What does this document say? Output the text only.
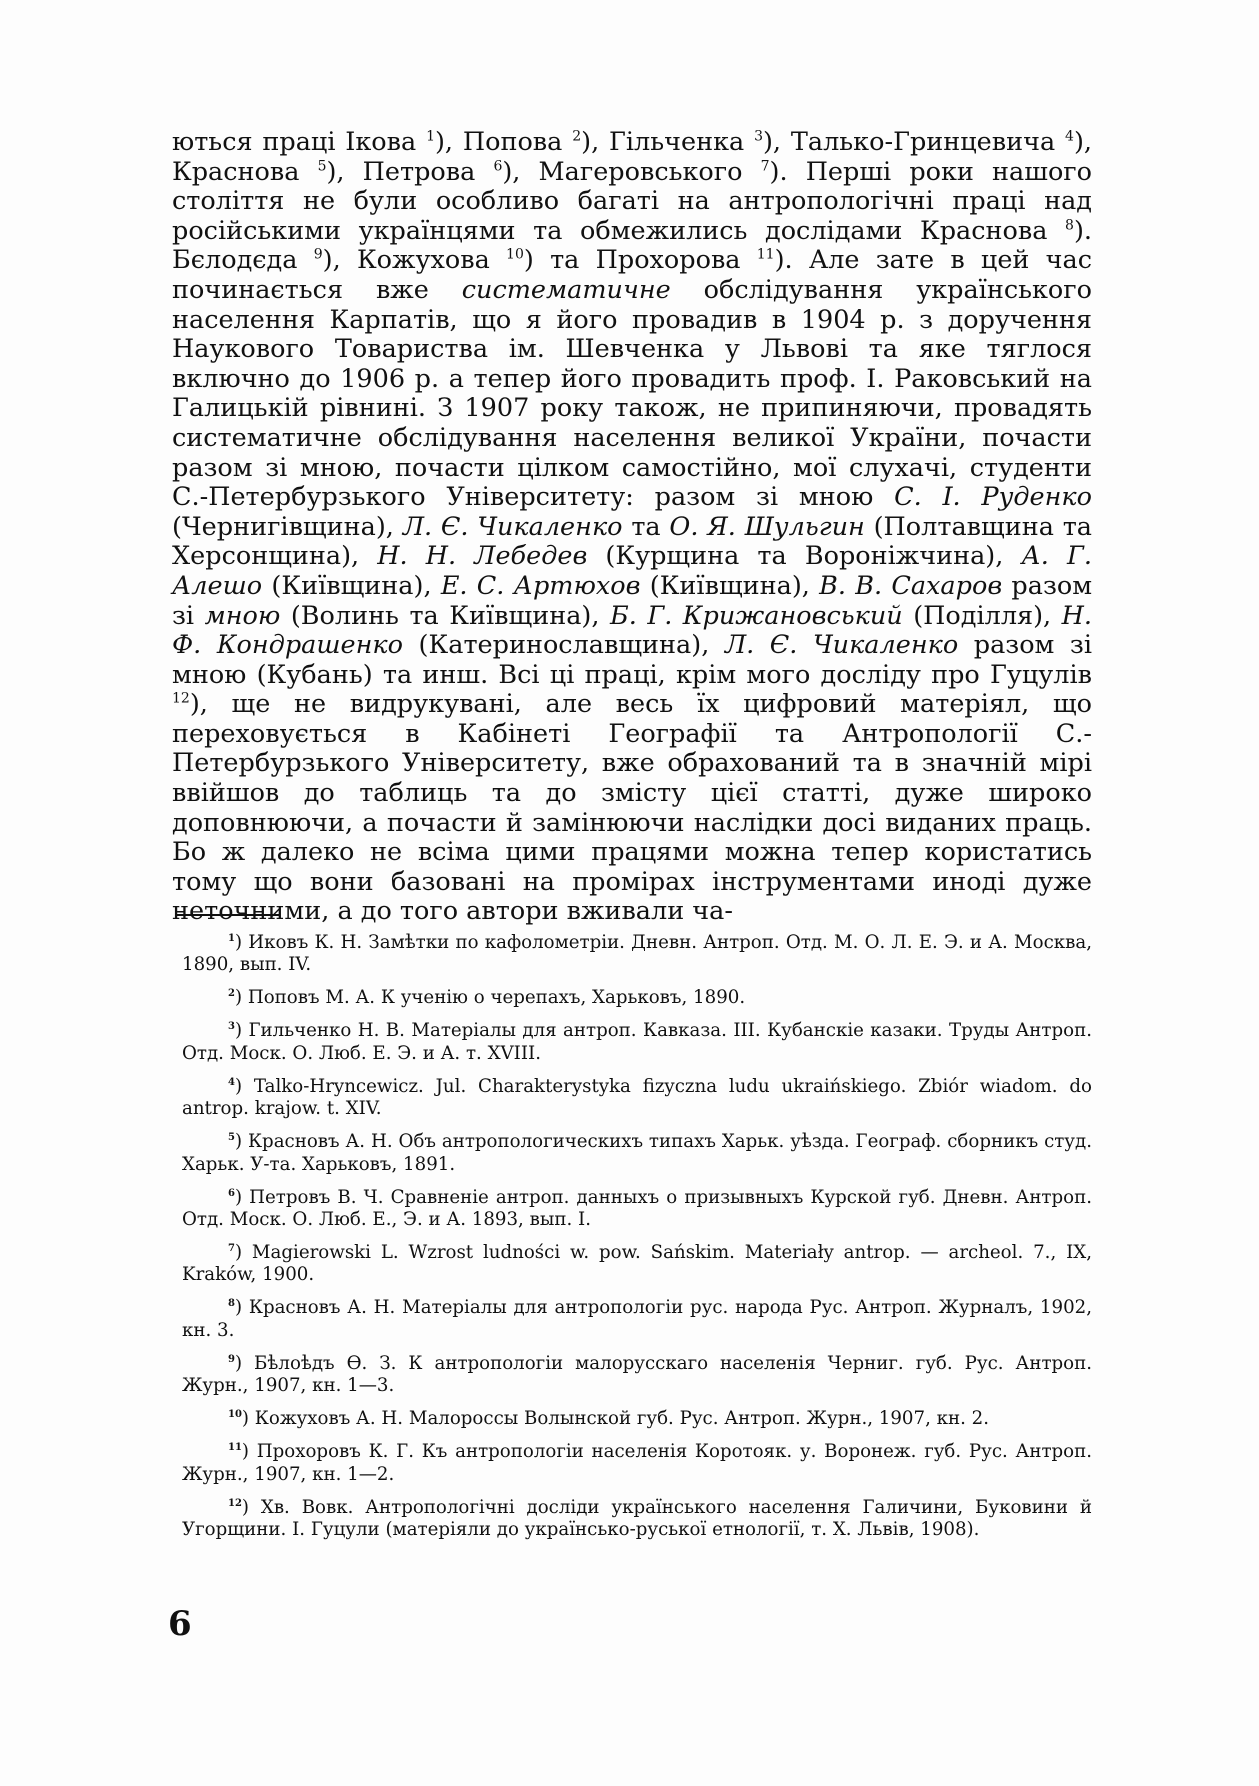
ються праці Ікова $^1$), Попова $^2$), Гільченка $^3$), Талько-Гринцевича $^4$), Краснова $^5$), Петрова $^6$), Магеровського $^7$). Перші роки нашого століття не були особливо багаті на антропологічні праці над російськими українцями та обмежились дослідами Краснова $^8$). Бєлодєда $^9$), Кожухова $^{10}$) та Прохорова $^{11}$). Але зате в цей час починається вже систематичне обслідування українського населення Карпатів, що я його провадив в 1904 р. з доручення Наукового Товариства ім. Шевченка у Львові та яке тяглося включно до 1906 р. а тепер його провадить проф. І. Раковський на Галицькій рівнині. З 1907 року також, не припиняючи, провадять систематичне обслідування населення великої України, почасти разом зі мною, почасти цілком самостійно, мої слухачі, студенти С.-Петербурзького Університету: разом зі мною С. І. Руденко (Чернигівщина), Л. Є. Чикаленко та О. Я. Шульгин (Полтавщина та Херсонщина), Н. Н. Лебедев (Курщина та Вороніжчина), А. Г. Алешо (Київщина), Е. С. Артюхов (Київщина), В. В. Сахаров разом зі мною (Волинь та Київщина), Б. Г. Крижановський (Поділля), Н. Ф. Кондрашенко (Катеринославщина), Л. Є. Чикаленко разом зі мною (Кубань) та инш. Всі ці праці, крім мого досліду про Гуцулів $^{12}$), ще не видрукувані, але весь їх цифровий матеріял, що переховується в Кабінеті Географії та Антропології С.-Петербурзького Університету, вже обрахований та в значній мірі ввійшов до таблиць та до змісту цієї статті, дуже широко доповнюючи, а почасти й замінюючи наслідки досі виданих праць. Бо ж далеко не всіма цими працями можна тепер користатись тому що вони базовані на промірах інструментами иноді дуже неточними, а до того автори вживали ча-

$^1$) Иковъ К. Н. Замѣтки по кафолометріи. Дневн. Антроп. Отд. М. О. Л. Е. Э. и А. Москва, 1890, вып. IV.

$^2$) Поповъ М. А. К ученію о черепахъ, Харьковъ, 1890.

$^3$) Гильченко Н. В. Матеріалы для антроп. Кавказа. III. Кубанскіе казаки. Труды Антроп. Отд. Моск. О. Люб. Е. Э. и А. т. XVIII.

$^4$) Talko-Hryncewicz. Jul. Charakterystyka fizyczna ludu ukraińskiego. Zbiór wiadom. do antrop. krajow. t. XIV.

$^5$) Красновъ А. Н. Объ антропологическихъ типахъ Харьк. уѣзда. Географ. сборникъ студ. Харьк. У-та. Харьковъ, 1891.

$^6$) Петровъ В. Ч. Сравненіе антроп. данныхъ о призывныхъ Курской губ. Дневн. Антроп. Отд. Моск. О. Люб. Е., Э. и А. 1893, вып. I.

$^7$) Magierowski L. Wzrost ludności w. pow. Sańskim. Materiały antrop. — archeol. 7., IX, Kraków, 1900.

$^8$) Красновъ А. Н. Матеріалы для антропологіи рус. народа Рус. Антроп. Журналъ, 1902, кн. 3.

$^9$) Бѣлоѣдъ Ѳ. З. К антропологіи малорусскаго населенія Черниг. губ. Рус. Антроп. Журн., 1907, кн. 1—3.

$^{10}$) Кожуховъ А. Н. Малороссы Волынской губ. Рус. Антроп. Журн., 1907, кн. 2.

$^{11}$) Прохоровъ К. Г. Къ антропологіи населенія Коротояк. у. Воронеж. губ. Рус. Антроп. Журн., 1907, кн. 1—2.

$^{12}$) Хв. Вовк. Антропологічні досліди українського населення Галичини, Буковини й Угорщини. I. Гуцули (матеріяли до українсько-руської етнології, т. X. Львів, 1908).

6
